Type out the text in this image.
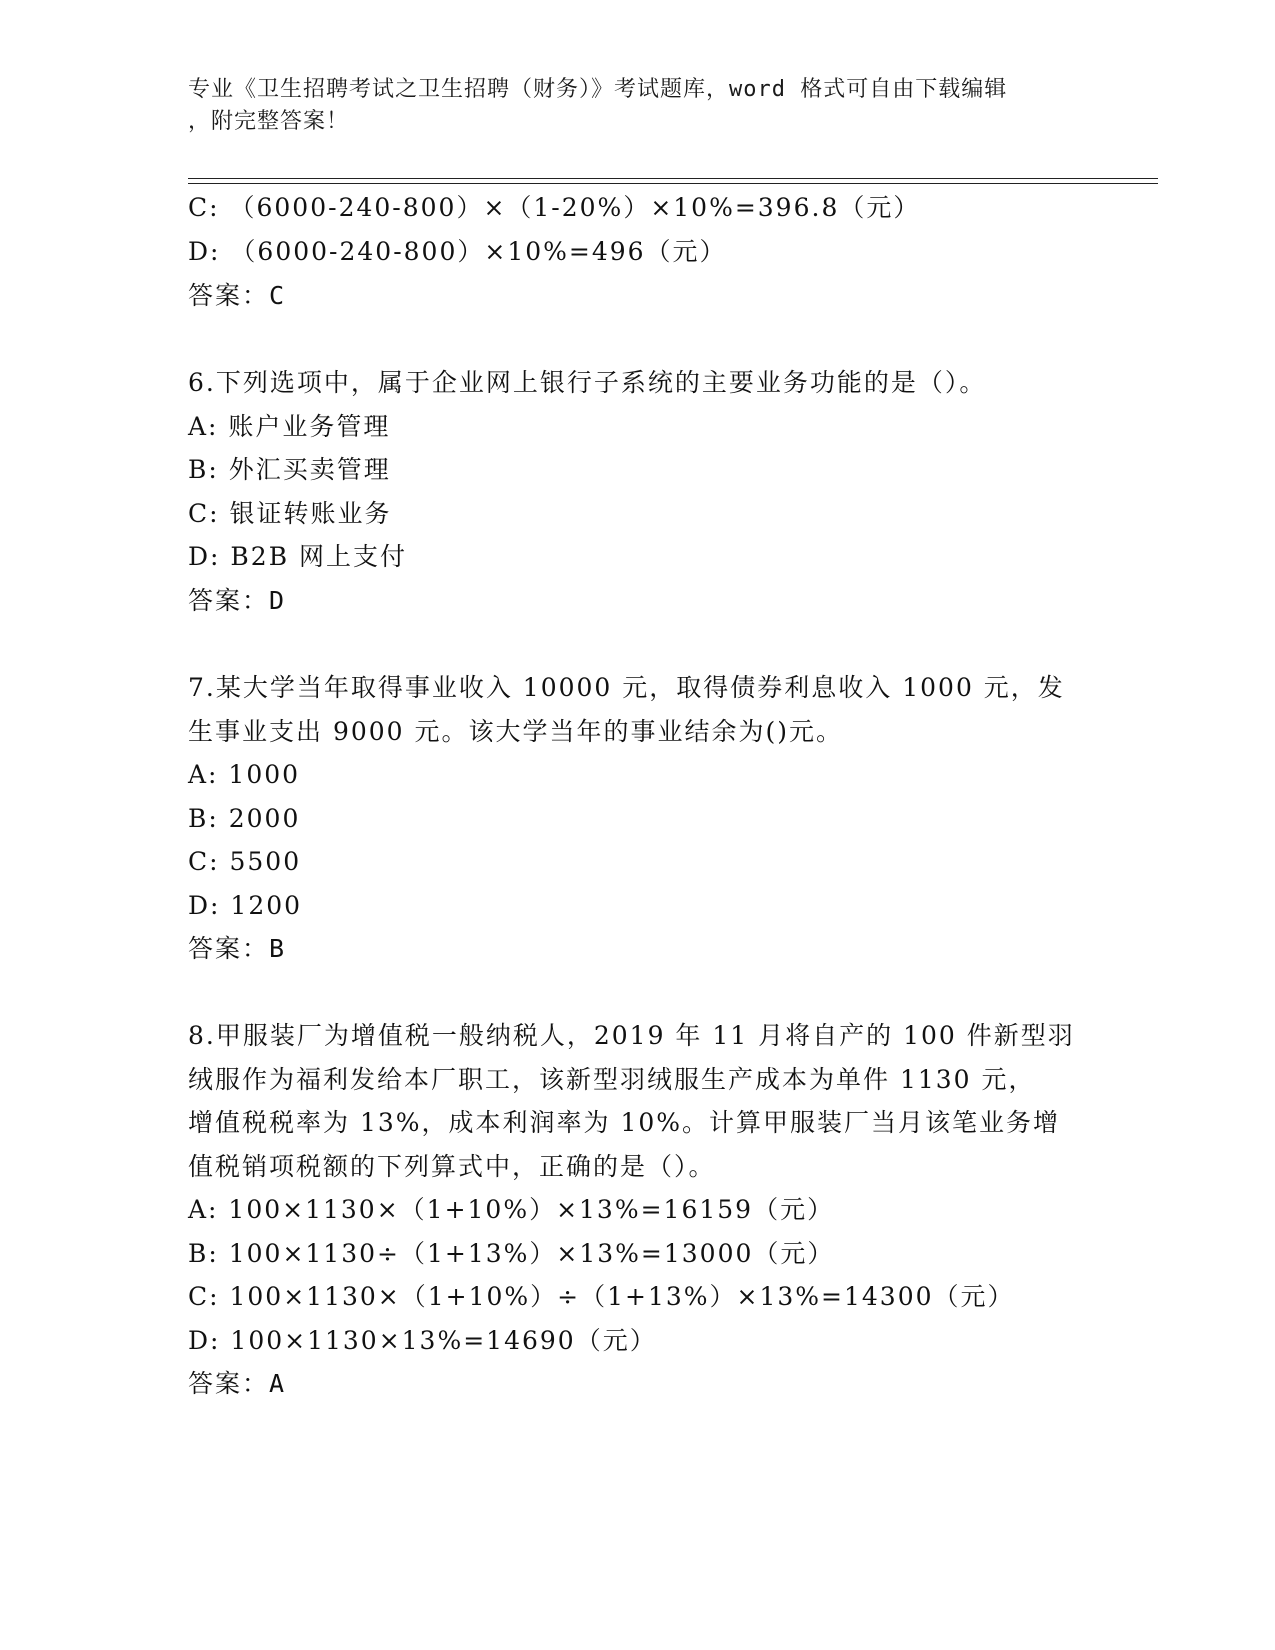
专业《卫生招聘考试之卫生招聘（财务）》考试题库，word 格式可自由下载编辑
，附完整答案！
C: （6000-240-800）×（1-20%）×10%=396.8（元）
D: （6000-240-800）×10%=496（元）
答案：C
6.下列选项中，属于企业网上银行子系统的主要业务功能的是（）。
A: 账户业务管理
B: 外汇买卖管理
C: 银证转账业务
D: B2B 网上支付
答案：D
7.某大学当年取得事业收入 10000 元，取得债券利息收入 1000 元，发
生事业支出 9000 元。该大学当年的事业结余为()元。
A: 1000
B: 2000
C: 5500
D: 1200
答案：B
8.甲服装厂为增值税一般纳税人，2019 年 11 月将自产的 100 件新型羽
绒服作为福利发给本厂职工，该新型羽绒服生产成本为单件 1130 元，
增值税税率为 13%，成本利润率为 10%。计算甲服装厂当月该笔业务增
值税销项税额的下列算式中，正确的是（）。
A: 100×1130×（1+10%）×13%=16159（元）
B: 100×1130÷（1+13%）×13%=13000（元）
C: 100×1130×（1+10%）÷（1+13%）×13%=14300（元）
D: 100×1130×13%=14690（元）
答案：A
